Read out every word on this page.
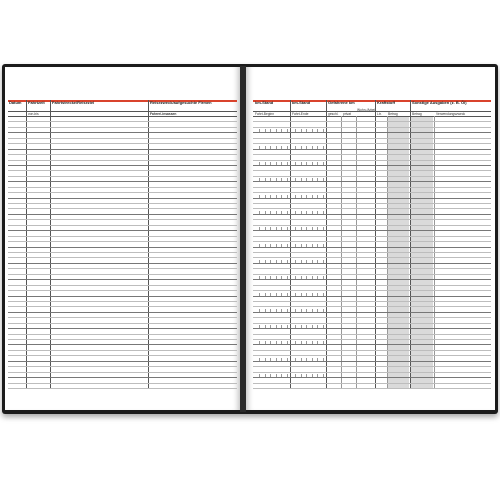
Datum Fahrtzeit
von-bis
Fahrtstrecke/Reiseziel	Reisezweck/aufgesuchte Firmen
Fahrer/-insassen
km-Stand
Fahrt-Beginn
km-Stand
Fahrt-Ende
Gefahrene km
geschl. privat
Wohn./Arbeit
Kraftstoff
Ltr. Betrag
Sonstige Ausgaben (z. B. Öl)
Betrag	Verwendungszweck
